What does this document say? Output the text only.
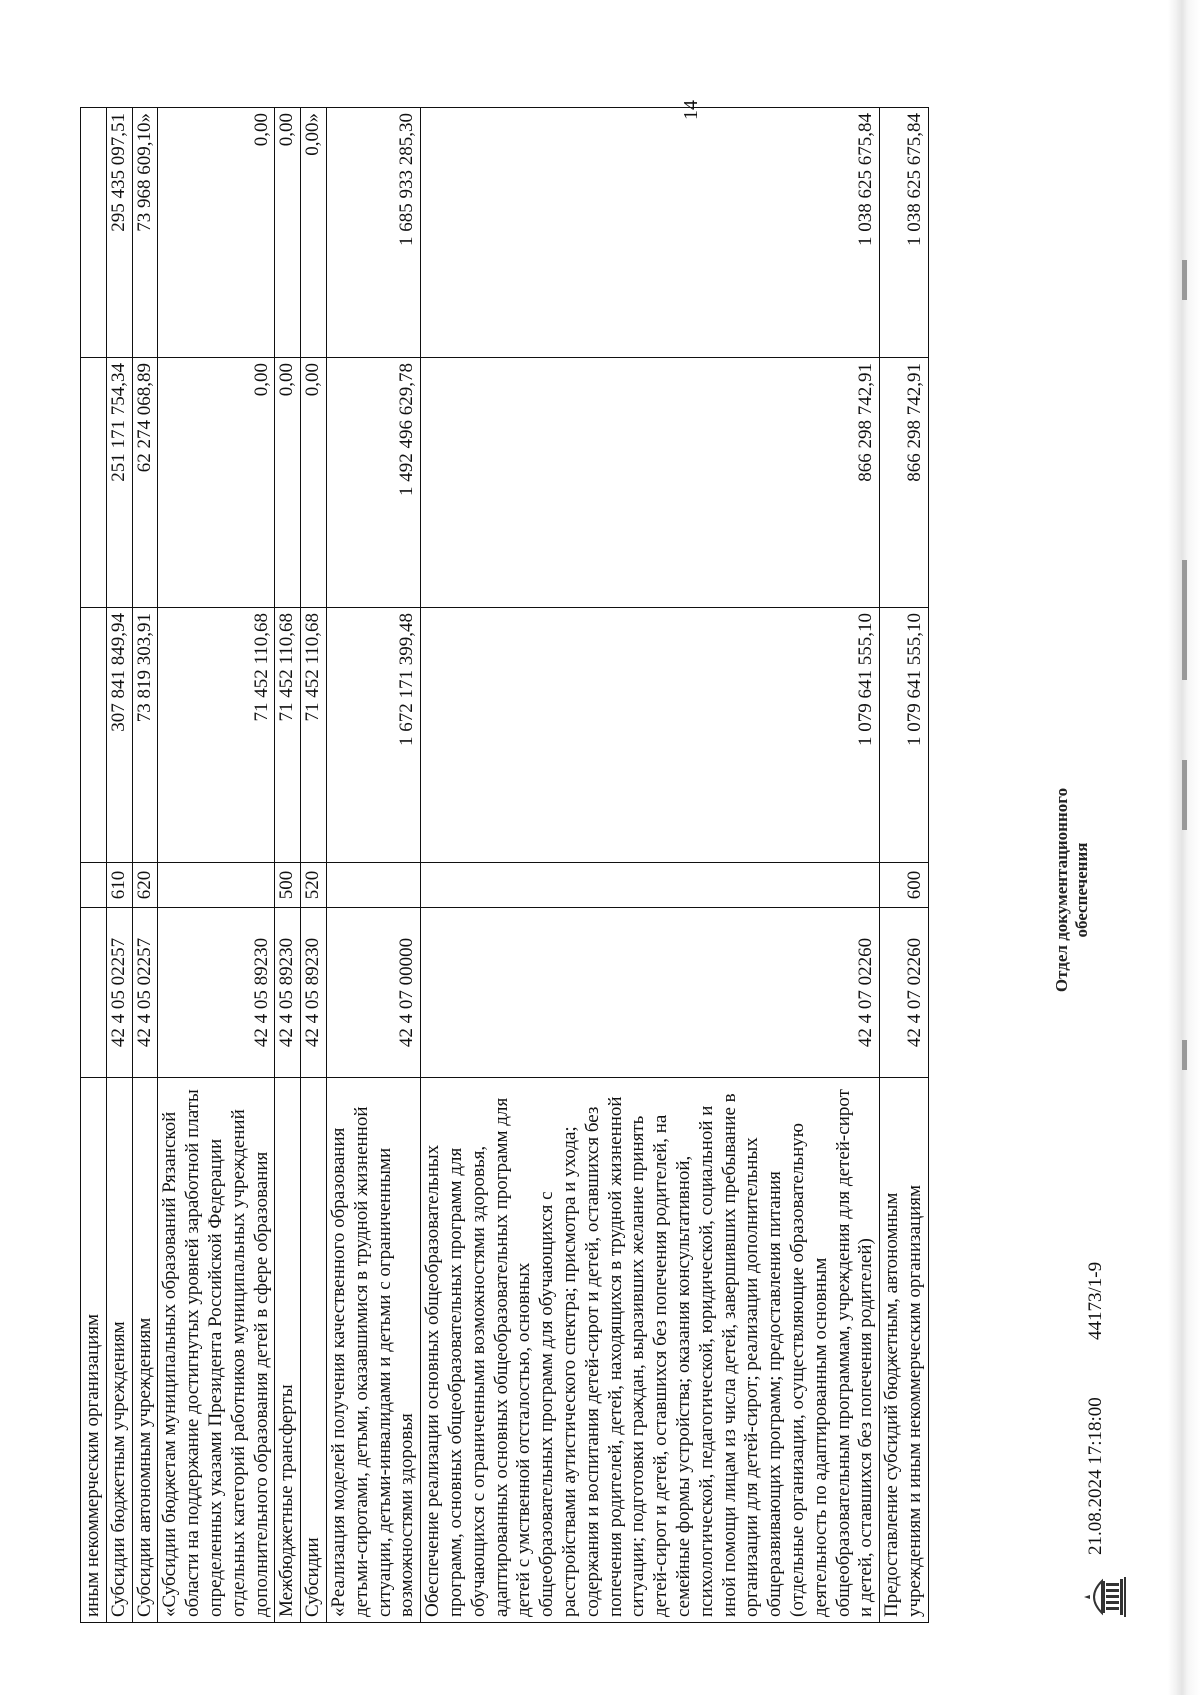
14
иным некоммерческим организациям					
Субсидии бюджетным учреждениям	42 4 05 02257	610	307 841 849,94	251 171 754,34	295 435 097,51
Субсидии автономным учреждениям	42 4 05 02257	620	73 819 303,91	62 274 068,89	73 968 609,10»
«Субсидии бюджетам муниципальных образований Рязанской области на поддержание достигнутых уровней заработной платы определенных указами Президента Российской Федерации отдельных категорий работников муниципальных учреждений дополнительного образования детей в сфере образования	42 4 05 89230		71 452 110,68	0,00	0,00
Межбюджетные трансферты	42 4 05 89230	500	71 452 110,68	0,00	0,00
Субсидии	42 4 05 89230	520	71 452 110,68	0,00	0,00»
«Реализация моделей получения качественного образования детьми-сиротами, детьми, оказавшимися в трудной жизненной ситуации, детьми-инвалидами и детьми с ограниченными возможностями здоровья	42 4 07 00000		1 672 171 399,48	1 492 496 629,78	1 685 933 285,30
Обеспечение реализации основных общеобразовательных программ, основных общеобразовательных программ для обучающихся с ограниченными возможностями здоровья, адаптированных основных общеобразовательных программ для детей с умственной отсталостью, основных общеобразовательных программ для обучающихся с расстройствами аутистического спектра; присмотра и ухода; содержания и воспитания детей-сирот и детей, оставшихся без попечения родителей, детей, находящихся в трудной жизненной ситуации; подготовки граждан, выразивших желание принять детей-сирот и детей, оставшихся без попечения родителей, на семейные формы устройства; оказания консультативной, психологической, педагогической, юридической, социальной и иной помощи лицам из числа детей, завершивших пребывание в организации для детей-сирот; реализации дополнительных общеразвивающих программ; предоставления питания (отдельные организации, осуществляющие образовательную деятельность по адаптированным основным общеобразовательным программам, учреждения для детей-сирот и детей, оставшихся без попечения родителей)	42 4 07 02260		1 079 641 555,10	866 298 742,91	1 038 625 675,84
Предоставление субсидий бюджетным, автономным учреждениям и иным некоммерческим организациям	42 4 07 02260	600	1 079 641 555,10	866 298 742,91	1 038 625 675,84
21.08.2024 17:18:00
44173/1-9
Отдел документационного обеспечения
